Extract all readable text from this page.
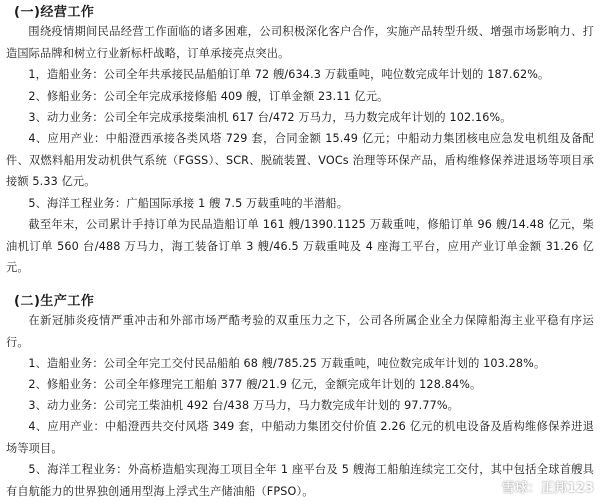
(一)经营工作

围绕疫情期间民品经营工作面临的诸多困难，公司积极深化客户合作，实施产品转型升级、增强市场影响力、打造国际品牌和树立行业新标杆战略，订单承接亮点突出。

1，造船业务：公司全年共承接民品船舶订单 72 艘/634.3 万载重吨，吨位数完成年计划的 187.62%。

2、修船业务：公司全年完成承接修船 409 艘，订单金额 23.11 亿元。

3、动力业务：公司全年完成承接柴油机 617 台/472 万马力，马力数完成年计划的 102.16%。

4、应用产业：中船澄西承接各类风塔 729 套，合同金额 15.49 亿元；中船动力集团核电应急发电机组及备配件、双燃料船用发动机供气系统（FGSS）、SCR、脱硫装置、VOCs 治理等环保产品，盾构维修保养进退场等项目承接额 5.33 亿元。

5、海洋工程业务：广船国际承接 1 艘 7.5 万载重吨的半潜船。

截至年末，公司累计手持订单为民品造船订单 161 艘/1390.1125 万载重吨，修船订单 96 艘/14.48 亿元，柴油机订单 560 台/488 万马力，海工装备订单 3 艘/46.5 万载重吨及 4 座海工平台，应用产业订单金额 31.26 亿元。

(二)生产工作

在新冠肺炎疫情严重冲击和外部市场严酷考验的双重压力之下，公司各所属企业全力保障船海主业平稳有序运行。

1、造船业务：公司全年完工交付民品船舶 68 艘/785.25 万载重吨，吨位数完成年计划的 103.28%。

2、修船业务：公司全年修理完工船舶 377 艘/21.9 亿元，金额完成年计划的 128.84%。

3、动力业务：公司完工柴油机 492 台/438 万马力，马力数完成年计划的 97.77%。

4、应用产业：中船澄西共交付风塔 349 套，中船动力集团交付价值 2.26 亿元的机电设备及盾构维修保养进退场等项目。

5、海洋工程业务：外高桥造船实现海工项目全年 1 座平台及 5 艘海工船舶连续完工交付，其中包括全球首艘具有自航能力的世界独创通用型海上浮式生产储油船（FPSO）。	雪球：正邦123
